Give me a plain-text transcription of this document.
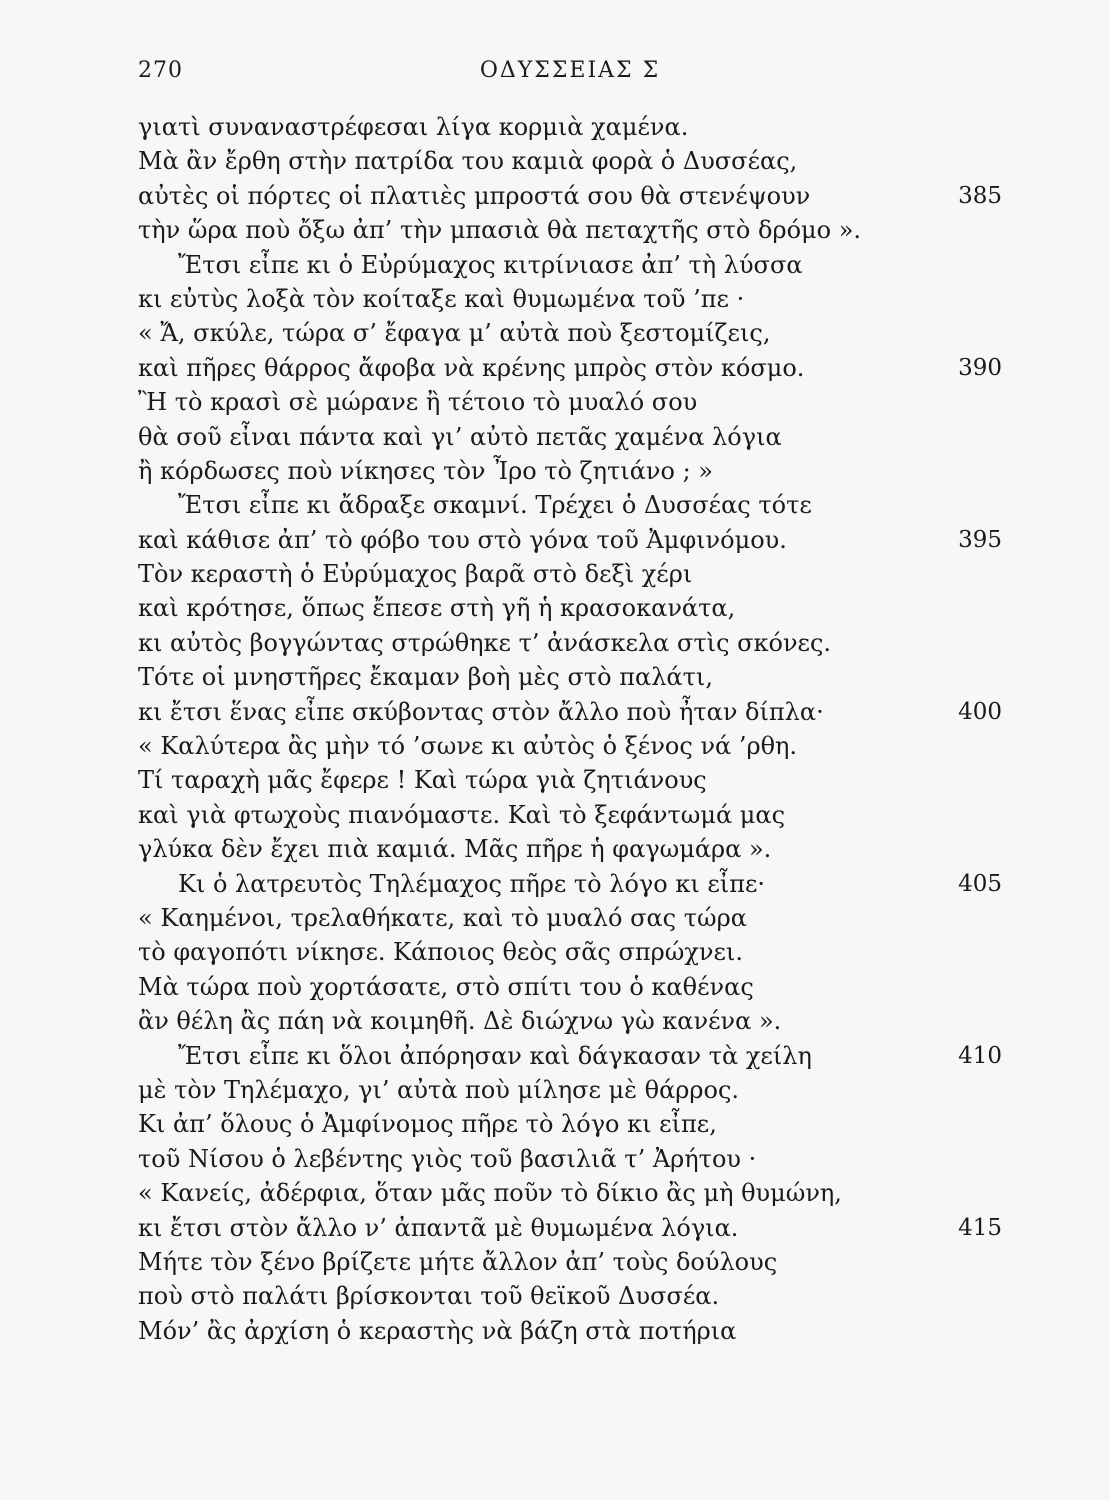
270	ΟΔΥΣΣΕΙΑΣ Σ
γιατὶ συναναστρέφεσαι λίγα κορμιὰ χαμένα.
Μὰ ἂν ἔρθη στὴν πατρίδα του καμιὰ φορὰ ὁ Δυσσέας,
αὐτὲς οἱ πόρτες οἱ πλατιὲς μπροστά σου θὰ στενέψουν	385
τὴν ὥρα ποὺ ὄξω ἀπ’ τὴν μπασιὰ θὰ πεταχτῆς στὸ δρόμο ».
Ἔτσι εἶπε κι ὁ Εὐρύμαχος κιτρίνιασε ἀπ’ τὴ λύσσα
κι εὐτὺς λοξὰ τὸν κοίταξε καὶ θυμωμένα τοῦ ’πε ·
« Ἄ, σκύλε, τώρα σ’ ἔφαγα μ’ αὐτὰ ποὺ ξεστομίζεις,
καὶ πῆρες θάρρος ἄφοβα νὰ κρένης μπρὸς στὸν κόσμο.	390
Ἢ τὸ κρασὶ σὲ μώρανε ἢ τέτοιο τὸ μυαλό σου
θὰ σοῦ εἶναι πάντα καὶ γι’ αὐτὸ πετᾶς χαμένα λόγια
ἢ κόρδωσες ποὺ νίκησες τὸν Ἶρο τὸ ζητιάνο ; »
Ἔτσι εἶπε κι ἄδραξε σκαμνί. Τρέχει ὁ Δυσσέας τότε
καὶ κάθισε ἀπ’ τὸ φόβο του στὸ γόνα τοῦ Ἀμφινόμου.	395
Τὸν κεραστὴ ὁ Εὐρύμαχος βαρᾶ στὸ δεξὶ χέρι
καὶ κρότησε, ὅπως ἔπεσε στὴ γῆ ἡ κρασοκανάτα,
κι αὐτὸς βογγώντας στρώθηκε τ’ ἀνάσκελα στὶς σκόνες.
Τότε οἱ μνηστῆρες ἔκαμαν βοὴ μὲς στὸ παλάτι,
κι ἔτσι ἕνας εἶπε σκύβοντας στὸν ἄλλο ποὺ ἦταν δίπλα·	400
« Καλύτερα ἂς μὴν τό ’σωνε κι αὐτὸς ὁ ξένος νά ’ρθη.
Τί ταραχὴ μᾶς ἔφερε ! Καὶ τώρα γιὰ ζητιάνους
καὶ γιὰ φτωχοὺς πιανόμαστε. Καὶ τὸ ξεφάντωμά μας
γλύκα δὲν ἔχει πιὰ καμιά. Μᾶς πῆρε ἡ φαγωμάρα ».
Κι ὁ λατρευτὸς Τηλέμαχος πῆρε τὸ λόγο κι εἶπε·	405
« Καημένοι, τρελαθήκατε, καὶ τὸ μυαλό σας τώρα
τὸ φαγοπότι νίκησε. Κάποιος θεὸς σᾶς σπρώχνει.
Μὰ τώρα ποὺ χορτάσατε, στὸ σπίτι του ὁ καθένας
ἂν θέλη ἂς πάη νὰ κοιμηθῆ. Δὲ διώχνω γὼ κανένα ».
Ἔτσι εἶπε κι ὅλοι ἀπόρησαν καὶ δάγκασαν τὰ χείλη	410
μὲ τὸν Τηλέμαχο, γι’ αὐτὰ ποὺ μίλησε μὲ θάρρος.
Κι ἀπ’ ὅλους ὁ Ἀμφίνομος πῆρε τὸ λόγο κι εἶπε,
τοῦ Νίσου ὁ λεβέντης γιὸς τοῦ βασιλιᾶ τ’ Ἀρήτου ·
« Κανείς, ἀδέρφια, ὅταν μᾶς ποῦν τὸ δίκιο ἂς μὴ θυμώνη,
κι ἔτσι στὸν ἄλλο ν’ ἀπαντᾶ μὲ θυμωμένα λόγια.	415
Μήτε τὸν ξένο βρίζετε μήτε ἄλλον ἀπ’ τοὺς δούλους
ποὺ στὸ παλάτι βρίσκονται τοῦ θεϊκοῦ Δυσσέα.
Μόν’ ἂς ἀρχίση ὁ κεραστὴς νὰ βάζη στὰ ποτήρια
